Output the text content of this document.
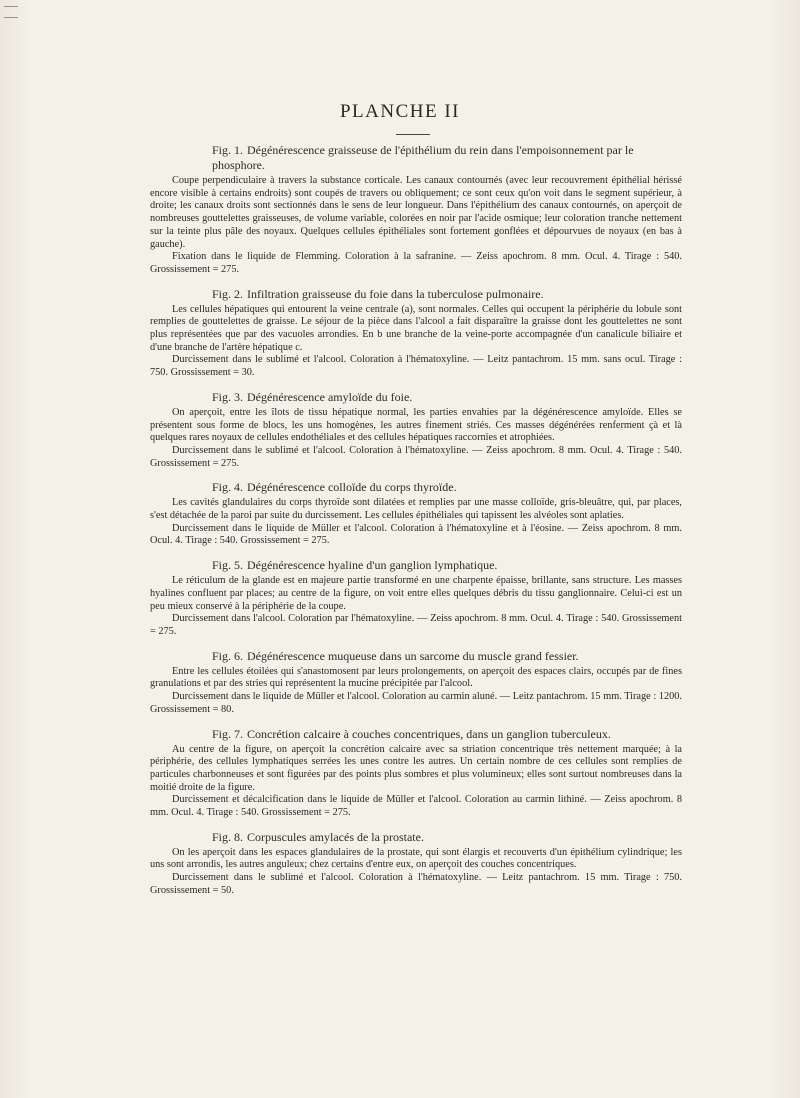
PLANCHE II
Fig. 1. Dégénérescence graisseuse de l'épithélium du rein dans l'empoisonnement par le phosphore.

Coupe perpendiculaire à travers la substance corticale. Les canaux contournés (avec leur recouvrement épithélial hérissé encore visible à certains endroits) sont coupés de travers ou obliquement; ce sont ceux qu'on voit dans le segment supérieur, à droite; les canaux droits sont sectionnés dans le sens de leur longueur. Dans l'épithélium des canaux contournés, on aperçoit de nombreuses gouttelettes graisseuses, de volume variable, colorées en noir par l'acide osmique; leur coloration tranche nettement sur la teinte plus pâle des noyaux. Quelques cellules épithéliales sont fortement gonflées et dépourvues de noyaux (en bas à gauche).

Fixation dans le liquide de Flemming. Coloration à la safranine. — Zeiss apochrom. 8 mm. Ocul. 4. Tirage : 540. Grossissement = 275.

Fig. 2. Infiltration graisseuse du foie dans la tuberculose pulmonaire.

Les cellules hépatiques qui entourent la veine centrale (a), sont normales. Celles qui occupent la périphérie du lobule sont remplies de gouttelettes de graisse. Le séjour de la pièce dans l'alcool a fait disparaître la graisse dont les gouttelettes ne sont plus représentées que par des vacuoles arrondies. En b une branche de la veine-porte accompagnée d'un canalicule biliaire et d'une branche de l'artère hépatique c.

Durcissement dans le sublimé et l'alcool. Coloration à l'hématoxyline. — Leitz pantachrom. 15 mm. sans ocul. Tirage : 750. Grossissement = 30.

Fig. 3. Dégénérescence amyloïde du foie.

On aperçoit, entre les îlots de tissu hépatique normal, les parties envahies par la dégénérescence amyloïde. Elles se présentent sous forme de blocs, les uns homogènes, les autres finement striés. Ces masses dégénérées renferment çà et là quelques rares noyaux de cellules endothéliales et des cellules hépatiques raccornies et atrophiées.

Durcissement dans le sublimé et l'alcool. Coloration à l'hématoxyline. — Zeiss apochrom. 8 mm. Ocul. 4. Tirage : 540. Grossissement = 275.

Fig. 4. Dégénérescence colloïde du corps thyroïde.

Les cavités glandulaires du corps thyroïde sont dilatées et remplies par une masse colloïde, gris-bleuâtre, qui, par places, s'est détachée de la paroi par suite du durcissement. Les cellules épithéliales qui tapissent les alvéoles sont aplaties.

Durcissement dans le liquide de Müller et l'alcool. Coloration à l'hématoxyline et à l'éosine. — Zeiss apochrom. 8 mm. Ocul. 4. Tirage : 540. Grossissement = 275.

Fig. 5. Dégénérescence hyaline d'un ganglion lymphatique.

Le réticulum de la glande est en majeure partie transformé en une charpente épaisse, brillante, sans structure. Les masses hyalines confluent par places; au centre de la figure, on voit entre elles quelques débris du tissu ganglionnaire. Celui-ci est un peu mieux conservé à la périphérie de la coupe.

Durcissement dans l'alcool. Coloration par l'hématoxyline. — Zeiss apochrom. 8 mm. Ocul. 4. Tirage : 540. Grossissement = 275.

Fig. 6. Dégénérescence muqueuse dans un sarcome du muscle grand fessier.

Entre les cellules étoilées qui s'anastomosent par leurs prolongements, on aperçoit des espaces clairs, occupés par de fines granulations et par des stries qui représentent la mucine précipitée par l'alcool.

Durcissement dans le liquide de Müller et l'alcool. Coloration au carmin aluné. — Leitz pantachrom. 15 mm. Tirage : 1200. Grossissement = 80.

Fig. 7. Concrétion calcaire à couches concentriques, dans un ganglion tuberculeux.

Au centre de la figure, on aperçoit la concrétion calcaire avec sa striation concentrique très nettement marquée; à la périphérie, des cellules lymphatiques serrées les unes contre les autres. Un certain nombre de ces cellules sont remplies de particules charbonneuses et sont figurées par des points plus sombres et plus volumineux; elles sont surtout nombreuses dans la moitié droite de la figure.

Durcissement et décalcification dans le liquide de Müller et l'alcool. Coloration au carmin lithiné. — Zeiss apochrom. 8 mm. Ocul. 4. Tirage : 540. Grossissement = 275.

Fig. 8. Corpuscules amylacés de la prostate.

On les aperçoit dans les espaces glandulaires de la prostate, qui sont élargis et recouverts d'un épithélium cylindrique; les uns sont arrondis, les autres anguleux; chez certains d'entre eux, on aperçoit des couches concentriques.

Durcissement dans le sublimé et l'alcool. Coloration à l'hématoxyline. — Leitz pantachrom. 15 mm. Tirage : 750. Grossissement = 50.
